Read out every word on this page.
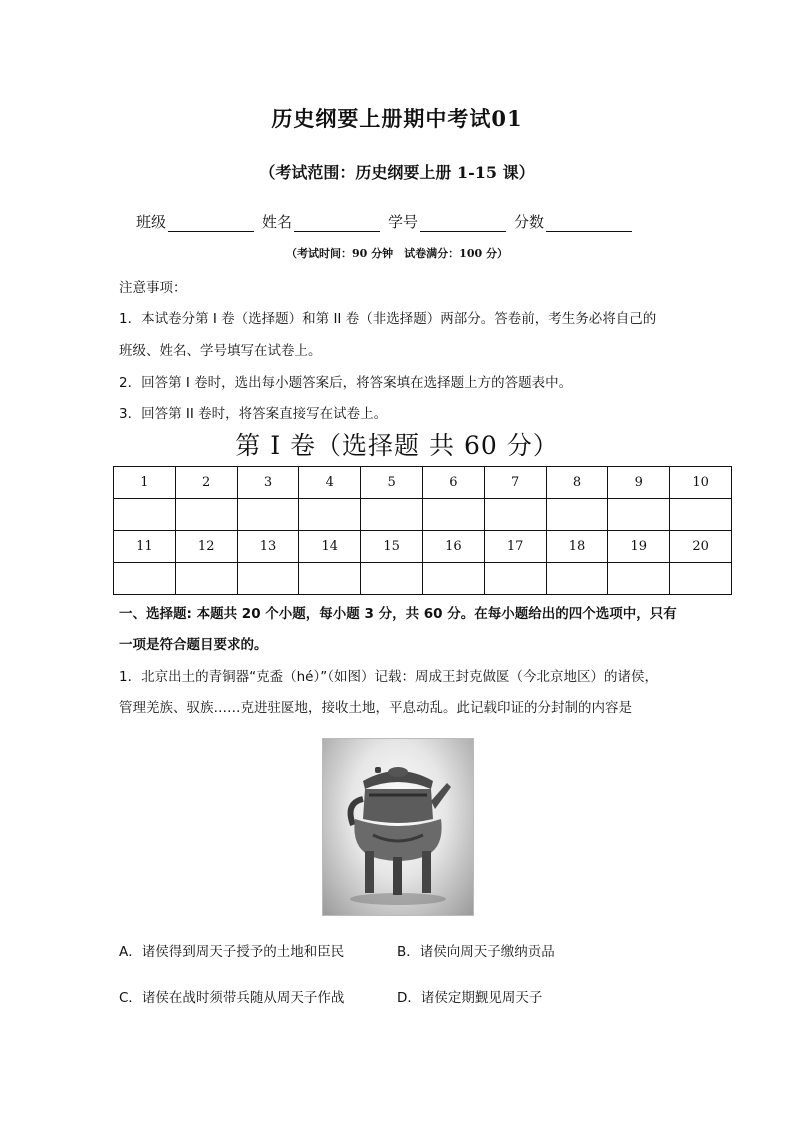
历史纲要上册期中考试01
（考试范围：历史纲要上册 1-15 课）
班级	姓名	学号	分数
（考试时间：90 分钟　试卷满分：100 分）
注意事项：
1．本试卷分第 I 卷（选择题）和第 II 卷（非选择题）两部分。答卷前，考生务必将自己的
班级、姓名、学号填写在试卷上。
2．回答第 I 卷时，选出每小题答案后，将答案填在选择题上方的答题表中。
3．回答第 II 卷时，将答案直接写在试卷上。
第 I 卷（选择题 共 60 分）
1	2	3	4	5	6	7	8	9	10

11	12	13	14	15	16	17	18	19	20

一、选择题: 本题共 20 个小题，每小题 3 分，共 60 分。在每小题给出的四个选项中，只有
一项是符合题目要求的。
1．北京出土的青铜器“克盉（hé）”（如图）记载：周成王封克做匽（今北京地区）的诸侯，
管理羌族、驭族……克进驻匽地，接收土地，平息动乱。此记载印证的分封制的内容是
A．诸侯得到周天子授予的土地和臣民	B．诸侯向周天子缴纳贡品
C．诸侯在战时须带兵随从周天子作战	D．诸侯定期觐见周天子
